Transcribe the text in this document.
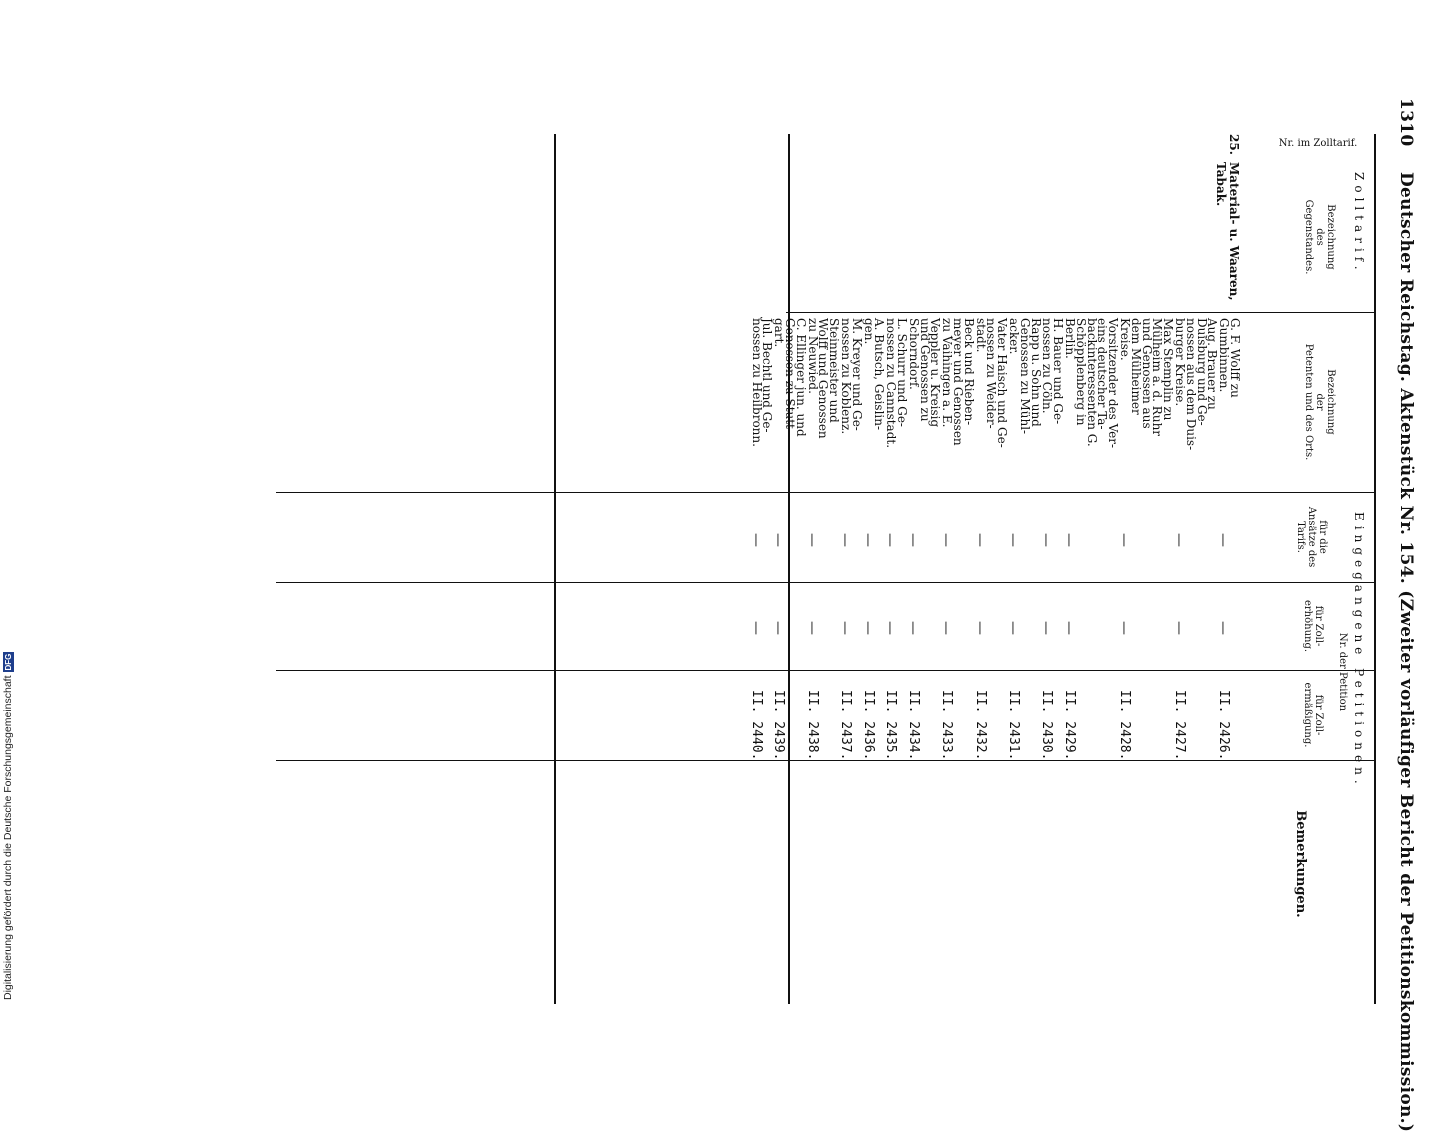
1310
Deutscher Reichstag. Aktenstück Nr. 154. (Zweiter vorläufiger Bericht der Petitionskommission.)
Zolltarif.
Nr. im Zolltarif.
Bezeichnung
des
Gegenstandes.
Eingegangene Petitionen.
Bezeichnung
der
Petenten und des Orts.
Nr. der Petition
für die
Ansätze des
Tarifs.
für Zoll-
erhöhung.
für Zoll-
ermäßigung.
Bemerkungen.
25.
Material- u. Waaren,
Tabak.
G. F. Wolff zu
Gumbinnen.
—
—
II. 2426.
Aug. Brauer zu
Duisburg und Ge-
nossen aus dem Duis-
burger Kreise.
—
—
II. 2427.
Max Stemplin zu
Mülheim a. d. Ruhr
und Genossen aus
dem Mülheimer
Kreise.
—
—
II. 2428.
Vorsitzender des Ver-
eins deutscher Ta-
backinteressenten G.
Schöpplenberg in
Berlin.
—
—
II. 2429.
H. Bauer und Ge-
nossen zu Cöln.
—
—
II. 2430.
Rapp u. Sohn und
Genossen zu Mühl-
acker.
—
—
II. 2431.
Vater Haisch und Ge-
nossen zu Weider-
stadt.
—
—
II. 2432.
Beck und Rieben-
meyer und Genossen
zu Vaihingen a. E.
—
—
II. 2433.
Veppler u. Kreisig
und Genossen zu
Schorndorf.
—
—
II. 2434.
L. Schurr und Ge-
nossen zu Cannstadt.
—
—
II. 2435.
A. Butsch, Geislin-
gen.
—
—
II. 2436.
M. Kreyer und Ge-
nossen zu Koblenz.
—
—
II. 2437.
Steinmeister und
Wolff und Genossen
zu Neuwied.
—
—
II. 2438.
C. Ellinger jun. und
Genossen zu Stutt-
gart.
—
—
II. 2439.
Jul. Bechtl und Ge-
nossen zu Heilbronn.
—
—
II. 2440.
Digitalisierung gefördert durch die Deutsche ForschungsgemeinschaftDFG
